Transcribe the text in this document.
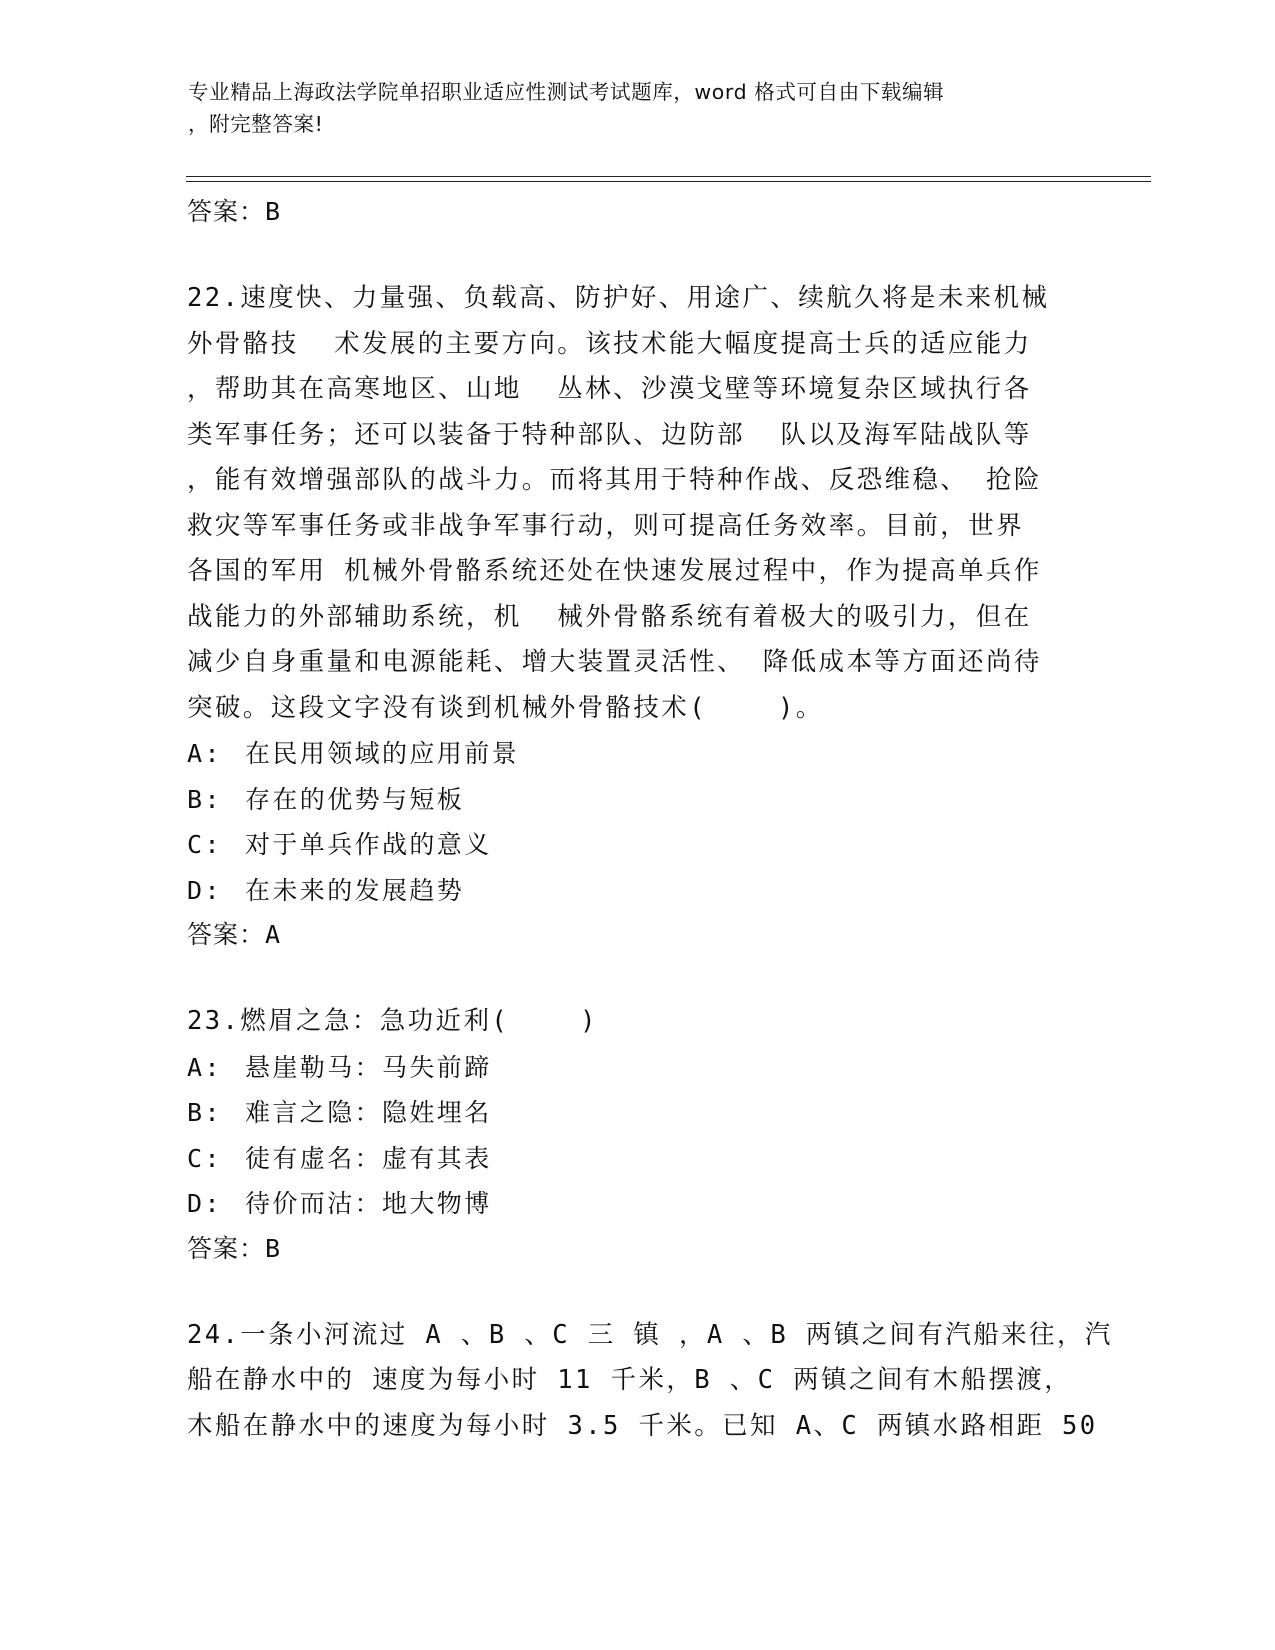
专业精品上海政法学院单招职业适应性测试考试题库，word 格式可自由下载编辑
，附完整答案!
答案：B
22.速度快、力量强、负载高、防护好、用途广、续航久将是未来机械
外骨骼技  术发展的主要方向。该技术能大幅度提高士兵的适应能力
，帮助其在高寒地区、山地  丛林、沙漠戈壁等环境复杂区域执行各
类军事任务；还可以装备于特种部队、边防部  队以及海军陆战队等
，能有效增强部队的战斗力。而将其用于特种作战、反恐维稳、 抢险
救灾等军事任务或非战争军事行动，则可提高任务效率。目前，世界
各国的军用 机械外骨骼系统还处在快速发展过程中，作为提高单兵作
战能力的外部辅助系统，机  械外骨骼系统有着极大的吸引力，但在
减少自身重量和电源能耗、增大装置灵活性、 降低成本等方面还尚待
突破。这段文字没有谈到机械外骨骼技术(    )。
A: 在民用领域的应用前景
B: 存在的优势与短板
C: 对于单兵作战的意义
D: 在未来的发展趋势
答案：A
23.燃眉之急：急功近利(    )
A: 悬崖勒马：马失前蹄
B: 难言之隐：隐姓埋名
C: 徒有虚名：虚有其表
D: 待价而沽：地大物博
答案：B
24.一条小河流过 A 、B 、C 三 镇 ，A 、B 两镇之间有汽船来往，汽
船在静水中的 速度为每小时 11 千米，B 、C 两镇之间有木船摆渡，
木船在静水中的速度为每小时 3.5 千米。已知 A、C 两镇水路相距 50
